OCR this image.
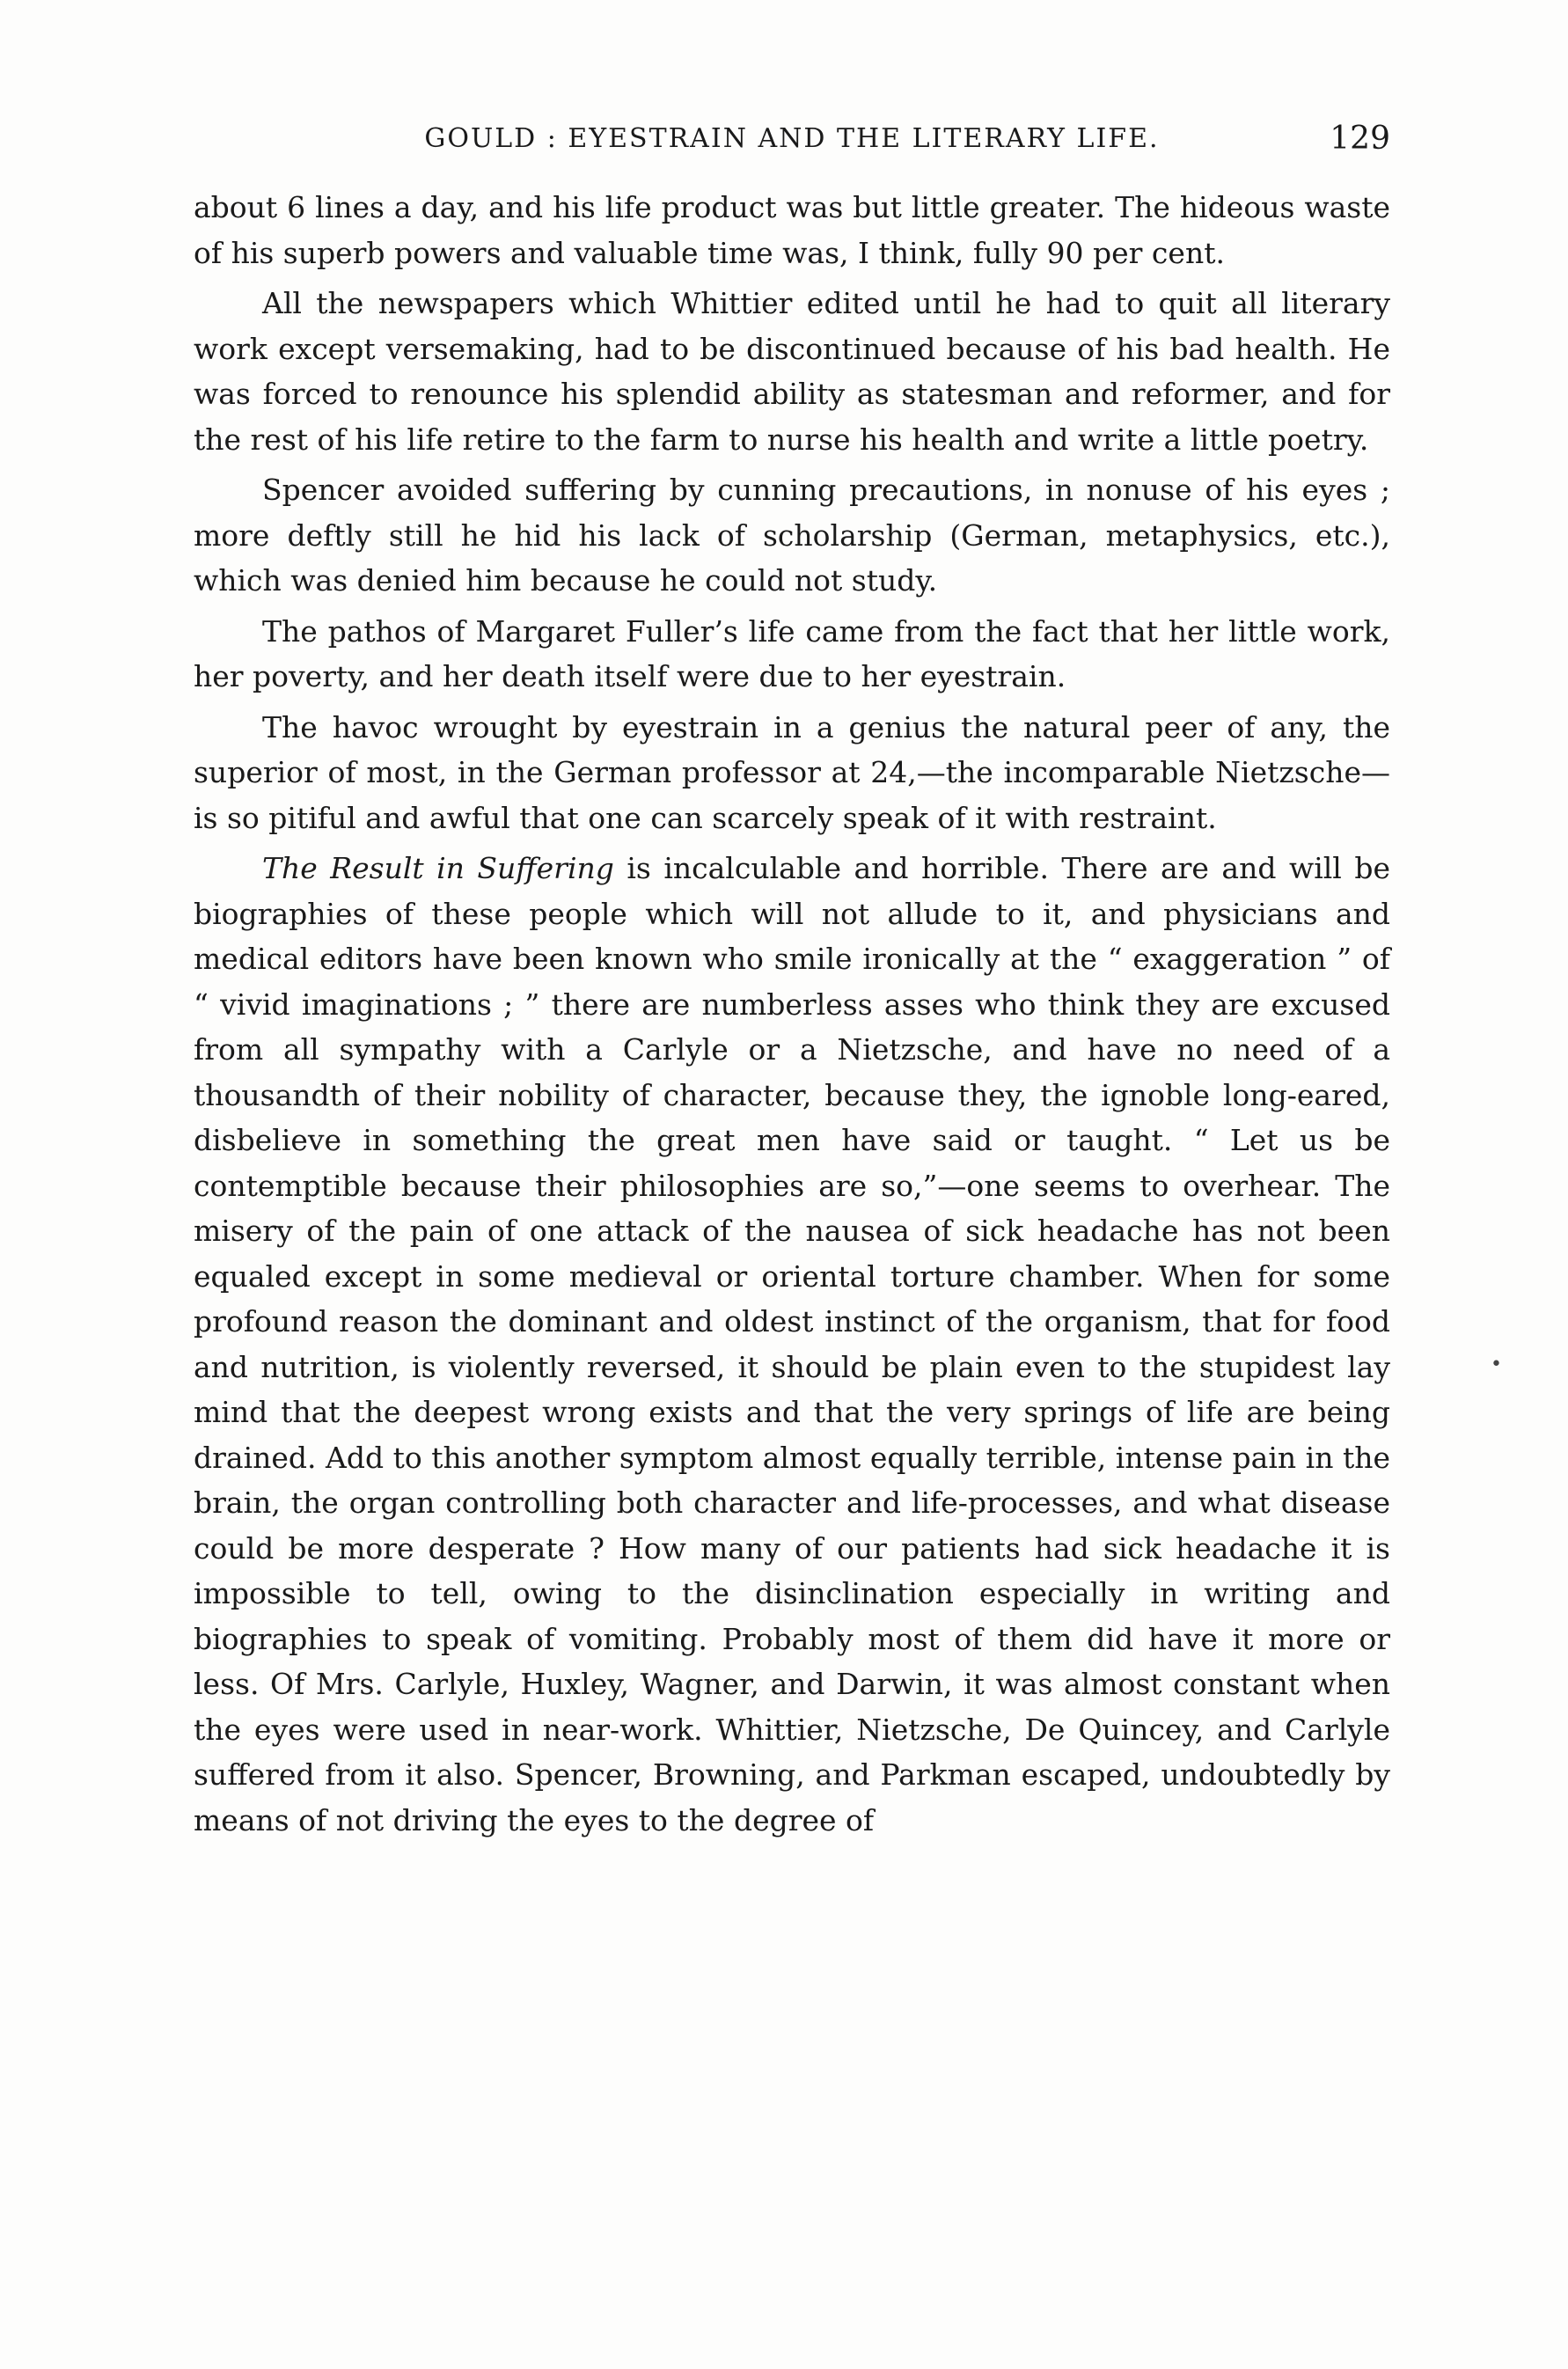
GOULD : EYESTRAIN AND THE LITERARY LIFE.	129

about 6 lines a day, and his life product was but little greater. The hideous waste of his superb powers and valuable time was, I think, fully 90 per cent.

All the newspapers which Whittier edited until he had to quit all literary work except versemaking, had to be discontinued because of his bad health. He was forced to renounce his splendid ability as statesman and reformer, and for the rest of his life retire to the farm to nurse his health and write a little poetry.

Spencer avoided suffering by cunning precautions, in nonuse of his eyes ; more deftly still he hid his lack of scholarship (German, metaphysics, etc.), which was denied him because he could not study.

The pathos of Margaret Fuller’s life came from the fact that her little work, her poverty, and her death itself were due to her eyestrain.

The havoc wrought by eyestrain in a genius the natural peer of any, the superior of most, in the German professor at 24,—the incomparable Nietzsche—is so pitiful and awful that one can scarcely speak of it with restraint.

The Result in Suffering is incalculable and horrible. There are and will be biographies of these people which will not allude to it, and physicians and medical editors have been known who smile ironically at the “ exaggeration ” of “ vivid imaginations ; ” there are numberless asses who think they are excused from all sympathy with a Carlyle or a Nietzsche, and have no need of a thousandth of their nobility of character, because they, the ignoble long-eared, disbelieve in something the great men have said or taught. “ Let us be contemptible because their philosophies are so,”—one seems to overhear. The misery of the pain of one attack of the nausea of sick headache has not been equaled except in some medieval or oriental torture chamber. When for some profound reason the dominant and oldest instinct of the organism, that for food and nutrition, is violently reversed, it should be plain even to the stupidest lay mind that the deepest wrong exists and that the very springs of life are being drained. Add to this another symptom almost equally terrible, intense pain in the brain, the organ controlling both character and life-processes, and what disease could be more desperate ? How many of our patients had sick headache it is impossible to tell, owing to the disinclination especially in writing and biographies to speak of vomiting. Probably most of them did have it more or less. Of Mrs. Carlyle, Huxley, Wagner, and Darwin, it was almost constant when the eyes were used in near-work. Whittier, Nietzsche, De Quincey, and Carlyle suffered from it also. Spencer, Browning, and Parkman escaped, undoubtedly by means of not driving the eyes to the degree of

•
